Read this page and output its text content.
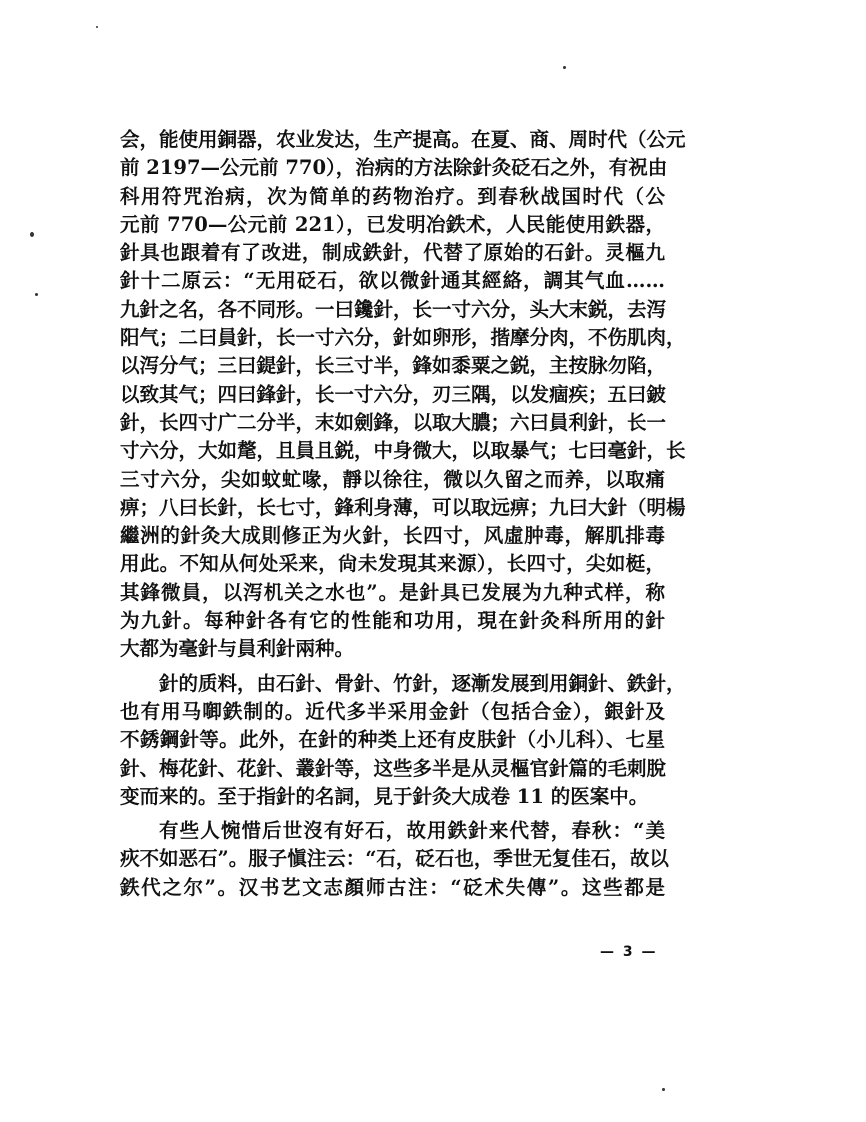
会，能使用銅器，农业发达，生产提高。在夏、商、周时代（公元
前 2197—公元前 770），治病的方法除針灸砭石之外，有祝由
科用符咒治病，次为简单的药物治疗。到春秋战国时代（公
元前 770—公元前 221），已发明冶鉄术，人民能使用鉄器，
針具也跟着有了改进，制成鉄針，代替了原始的石針。灵樞九
針十二原云：“无用砭石，欲以微針通其經絡，調其气血……
九針之名，各不同形。一曰鑱針，长一寸六分，头大末鋭，去泻
阳气；二曰員針，长一寸六分，針如卵形，揩摩分肉，不伤肌肉，
以泻分气；三曰鍉針，长三寸半，鋒如黍粟之鋭，主按脉勿陷，
以致其气；四曰鋒針，长一寸六分，刃三隅，以发痼疾；五曰鈹
針，长四寸广二分半，末如劍鋒，以取大膿；六曰員利針，长一
寸六分，大如氂，且員且鋭，中身微大，以取暴气；七曰毫針，长
三寸六分，尖如蚊虻喙，靜以徐往，微以久留之而养，以取痛
痹；八曰长針，长七寸，鋒利身薄，可以取远痹；九曰大針（明楊
繼洲的針灸大成則修正为火針，长四寸，风虛肿毒，解肌排毒
用此。不知从何处采来，尙未发現其来源），长四寸，尖如梃，
其鋒微員，以泻机关之水也”。是針具已发展为九种式样，称
为九針。每种針各有它的性能和功用，現在針灸科所用的針
大都为毫針与員利針兩种。
針的质料，由石針、骨針、竹針，逐漸发展到用銅針、鉄針，
也有用马啣鉄制的。近代多半采用金針（包括合金），銀針及
不銹鋼針等。此外，在針的种类上还有皮肤針（小儿科）、七星
針、梅花針、花針、叢針等，这些多半是从灵樞官針篇的毛刺脫
变而来的。至于指針的名詞，見于針灸大成卷 11 的医案中。
有些人惋惜后世沒有好石，故用鉄針来代替，春秋：“美
疢不如恶石”。服子愼注云：“石，砭石也，季世无复佳石，故以
鉄代之尔”。汉书艺文志顏师古注：“砭术失傳”。这些都是
— 3 —
